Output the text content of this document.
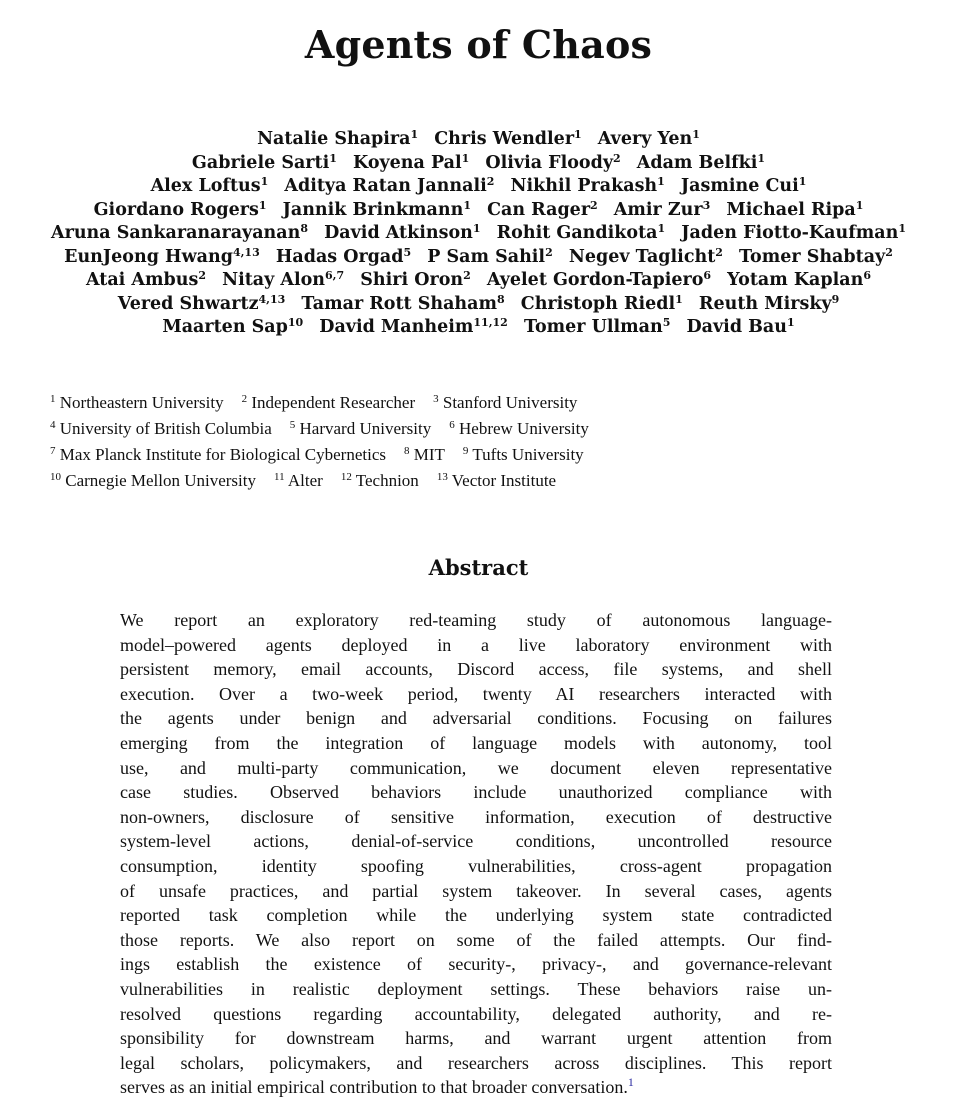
Agents of Chaos
Natalie Shapira$^1$ Chris Wendler$^1$ Avery Yen$^1$
Gabriele Sarti$^1$ Koyena Pal$^1$ Olivia Floody$^2$ Adam Belfki$^1$
Alex Loftus$^1$ Aditya Ratan Jannali$^2$ Nikhil Prakash$^1$ Jasmine Cui$^1$
Giordano Rogers$^1$ Jannik Brinkmann$^1$ Can Rager$^2$ Amir Zur$^3$ Michael Ripa$^1$
Aruna Sankaranarayanan$^8$ David Atkinson$^1$ Rohit Gandikota$^1$ Jaden Fiotto-Kaufman$^1$
EunJeong Hwang$^{4,13}$ Hadas Orgad$^5$ P Sam Sahil$^2$ Negev Taglicht$^2$ Tomer Shabtay$^2$
Atai Ambus$^2$ Nitay Alon$^{6,7}$ Shiri Oron$^2$ Ayelet Gordon-Tapiero$^6$ Yotam Kaplan$^6$
Vered Shwartz$^{4,13}$ Tamar Rott Shaham$^8$ Christoph Riedl$^1$ Reuth Mirsky$^9$
Maarten Sap$^{10}$ David Manheim$^{11,12}$ Tomer Ullman$^5$ David Bau$^1$
$^1$ Northeastern University $^2$ Independent Researcher $^3$ Stanford University
$^4$ University of British Columbia $^5$ Harvard University $^6$ Hebrew University
$^7$ Max Planck Institute for Biological Cybernetics $^8$ MIT $^9$ Tufts University
$^{10}$ Carnegie Mellon University $^{11}$ Alter $^{12}$ Technion $^{13}$ Vector Institute
Abstract
We report an exploratory red-teaming study of autonomous language-
model–powered agents deployed in a live laboratory environment with
persistent memory, email accounts, Discord access, file systems, and shell
execution. Over a two-week period, twenty AI researchers interacted with
the agents under benign and adversarial conditions. Focusing on failures
emerging from the integration of language models with autonomy, tool
use, and multi-party communication, we document eleven representative
case studies. Observed behaviors include unauthorized compliance with
non-owners, disclosure of sensitive information, execution of destructive
system-level actions, denial-of-service conditions, uncontrolled resource
consumption, identity spoofing vulnerabilities, cross-agent propagation
of unsafe practices, and partial system takeover. In several cases, agents
reported task completion while the underlying system state contradicted
those reports. We also report on some of the failed attempts. Our find-
ings establish the existence of security-, privacy-, and governance-relevant
vulnerabilities in realistic deployment settings. These behaviors raise un-
resolved questions regarding accountability, delegated authority, and re-
sponsibility for downstream harms, and warrant urgent attention from
legal scholars, policymakers, and researchers across disciplines. This report
serves as an initial empirical contribution to that broader conversation.$^1$
